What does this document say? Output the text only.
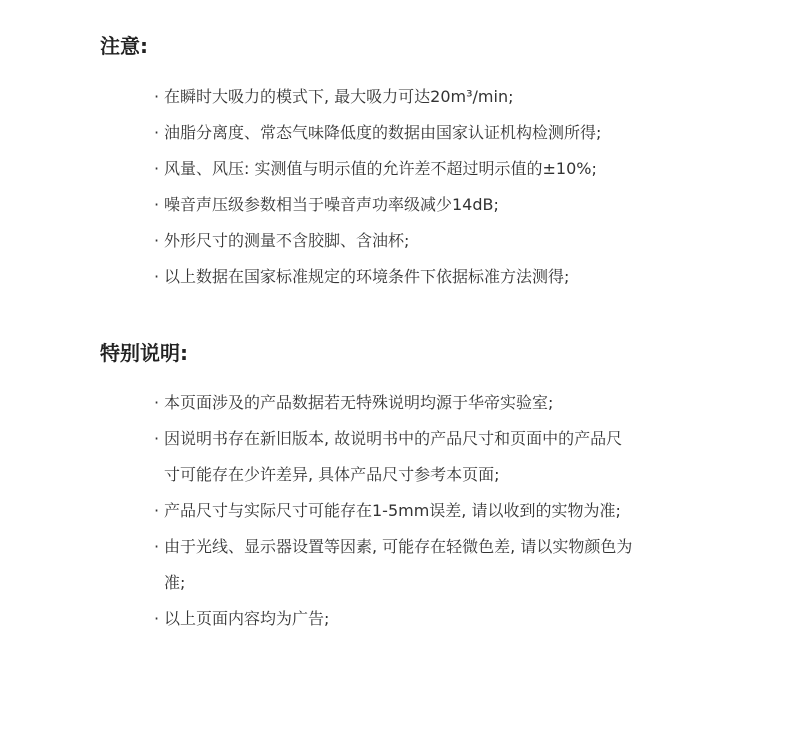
注意:
· 在瞬时大吸力的模式下, 最大吸力可达20m³/min;
· 油脂分离度、常态气味降低度的数据由国家认证机构检测所得;
· 风量、风压: 实测值与明示值的允许差不超过明示值的±10%;
· 噪音声压级参数相当于噪音声功率级减少14dB;
· 外形尺寸的测量不含胶脚、含油杯;
· 以上数据在国家标准规定的环境条件下依据标准方法测得;
特别说明:
· 本页面涉及的产品数据若无特殊说明均源于华帝实验室;
· 因说明书存在新旧版本, 故说明书中的产品尺寸和页面中的产品尺寸可能存在少许差异, 具体产品尺寸参考本页面;
· 产品尺寸与实际尺寸可能存在1-5mm误差, 请以收到的实物为准;
· 由于光线、显示器设置等因素, 可能存在轻微色差, 请以实物颜色为准;
· 以上页面内容均为广告;
